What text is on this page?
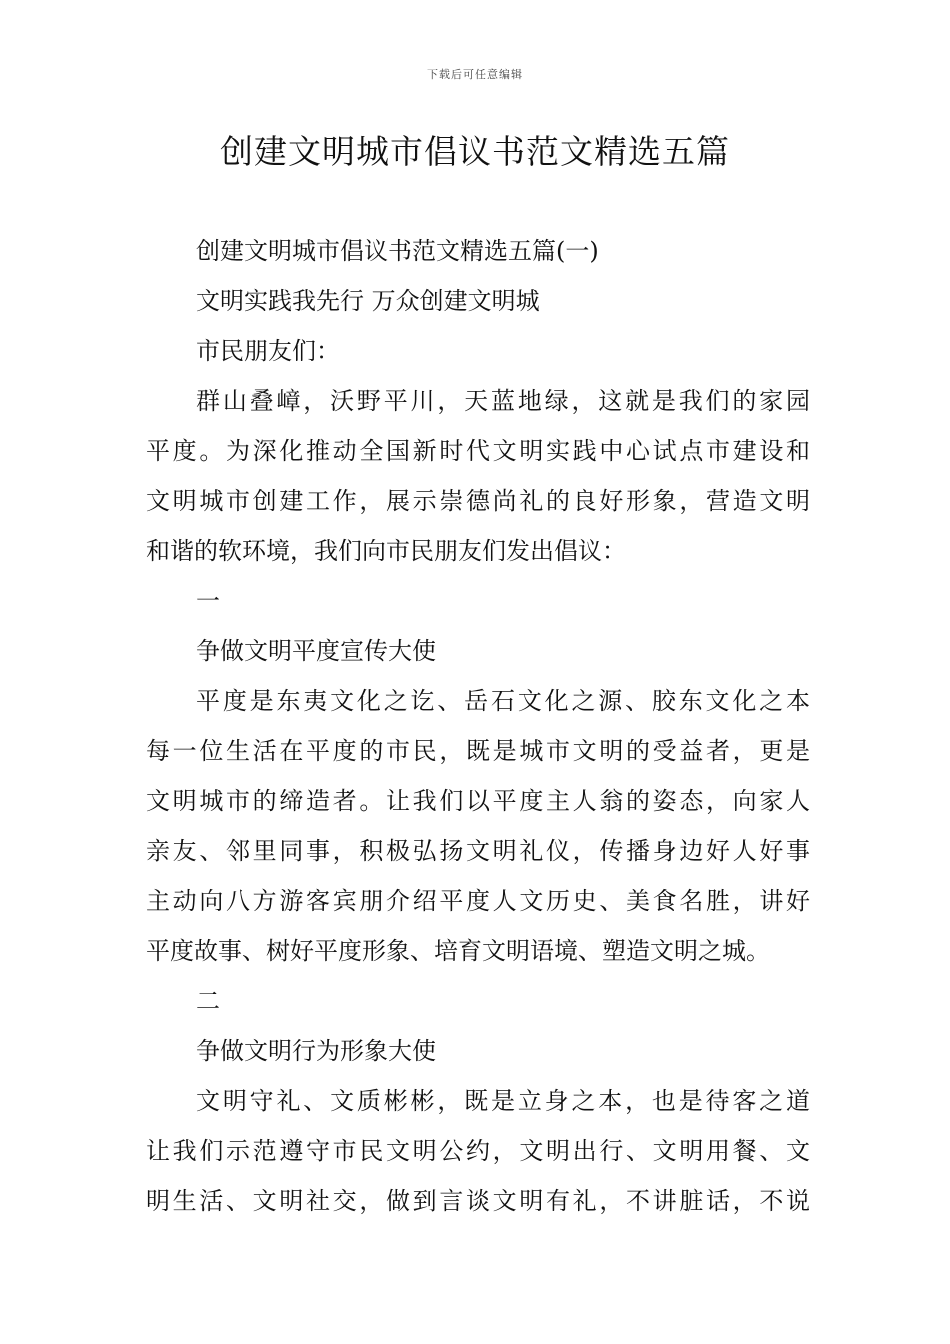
下载后可任意编辑
创建文明城市倡议书范文精选五篇
创建文明城市倡议书范文精选五篇(一)
文明实践我先行 万众创建文明城
市民朋友们：
群山叠嶂，沃野平川，天蓝地绿，这就是我们的家园
平度。为深化推动全国新时代文明实践中心试点市建设和
文明城市创建工作，展示崇德尚礼的良好形象，营造文明
和谐的软环境，我们向市民朋友们发出倡议：
一
争做文明平度宣传大使
平度是东夷文化之讫、岳石文化之源、胶东文化之本
每一位生活在平度的市民，既是城市文明的受益者，更是
文明城市的缔造者。让我们以平度主人翁的姿态，向家人
亲友、邻里同事，积极弘扬文明礼仪，传播身边好人好事
主动向八方游客宾朋介绍平度人文历史、美食名胜，讲好
平度故事、树好平度形象、培育文明语境、塑造文明之城。
二
争做文明行为形象大使
文明守礼、文质彬彬，既是立身之本，也是待客之道
让我们示范遵守市民文明公约，文明出行、文明用餐、文
明生活、文明社交，做到言谈文明有礼，不讲脏话，不说
